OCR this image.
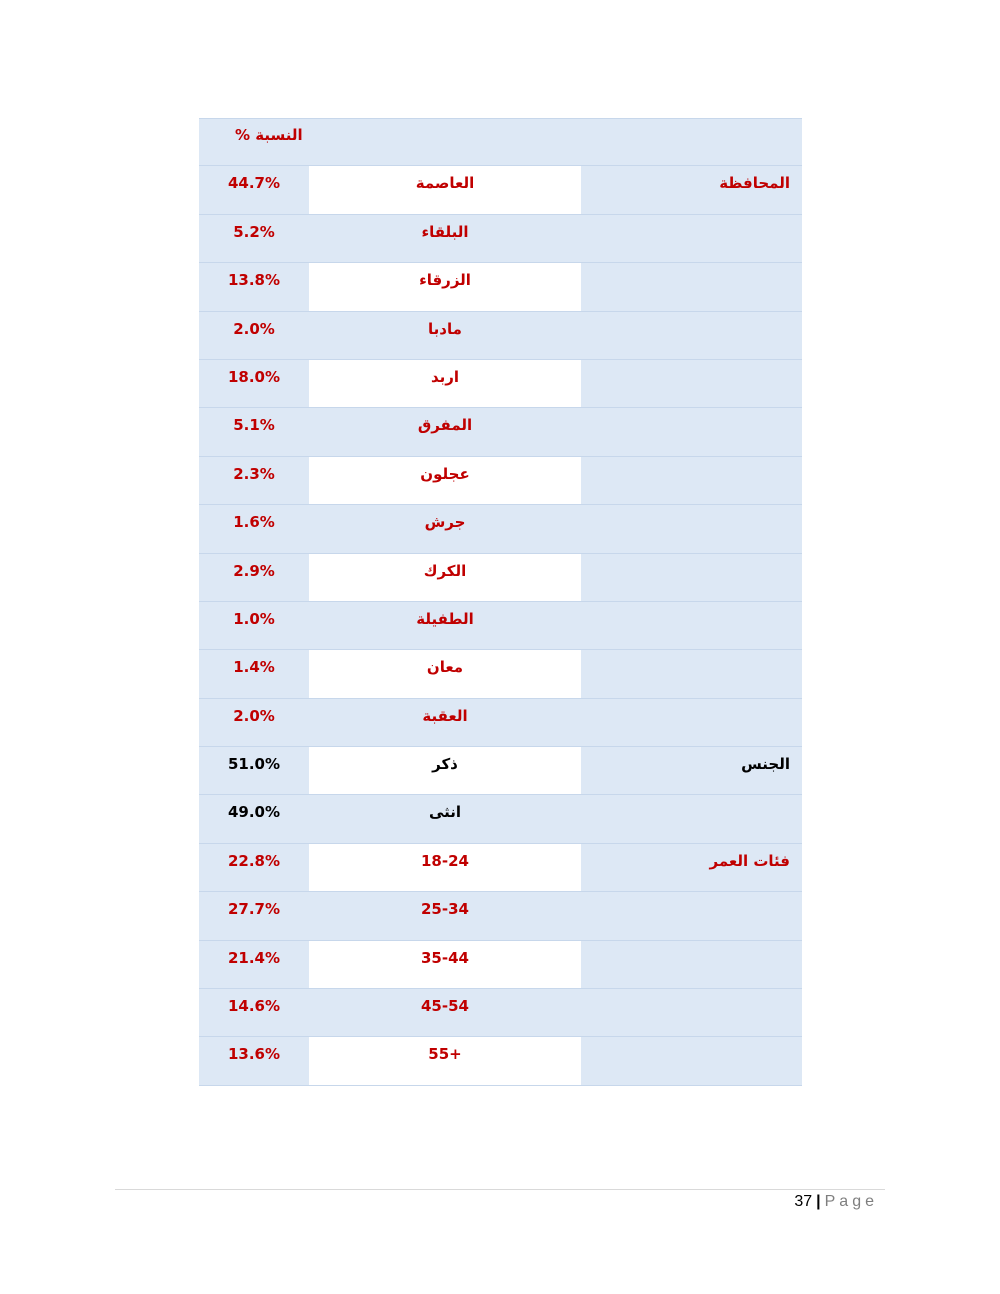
النسبة %
44.7%	العاصمة	المحافظة
5.2%	البلقاء
13.8%	الزرقاء
2.0%	مادبا
18.0%	اربد
5.1%	المفرق
2.3%	عجلون
1.6%	جرش
2.9%	الكرك
1.0%	الطفيلة
1.4%	معان
2.0%	العقبة
51.0%	ذكر	الجنس
49.0%	انثى
22.8%	18-24	فئات العمر
27.7%	25-34
21.4%	35-44
14.6%	45-54
13.6%	55+
37 | Page
